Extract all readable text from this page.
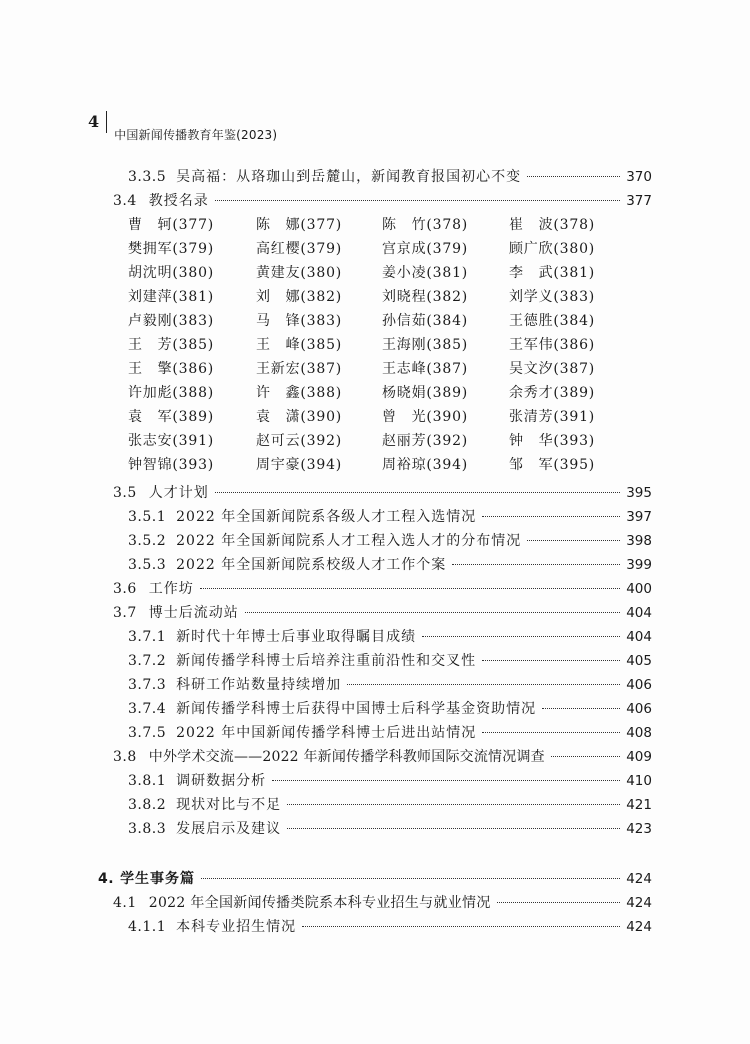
4
中国新闻传播教育年鉴(2023)
3.3.5 吴高福：从珞珈山到岳麓山，新闻教育报国初心不变	370
3.4 教授名录	377
曹　轲(377)	陈　娜(377)	陈　竹(378)	崔　波(378)
樊拥军(379)	高红樱(379)	宫京成(379)	顾广欣(380)
胡沈明(380)	黄建友(380)	姜小凌(381)	李　武(381)
刘建萍(381)	刘　娜(382)	刘晓程(382)	刘学义(383)
卢毅刚(383)	马　锋(383)	孙信茹(384)	王德胜(384)
王　芳(385)	王　峰(385)	王海刚(385)	王军伟(386)
王　擎(386)	王新宏(387)	王志峰(387)	吴文汐(387)
许加彪(388)	许　鑫(388)	杨晓娟(389)	余秀才(389)
袁　军(389)	袁　潇(390)	曾　光(390)	张清芳(391)
张志安(391)	赵可云(392)	赵丽芳(392)	钟　华(393)
钟智锦(393)	周宇豪(394)	周裕琼(394)	邹　军(395)
3.5 人才计划	395
3.5.1 2022 年全国新闻院系各级人才工程入选情况	397
3.5.2 2022 年全国新闻院系人才工程入选人才的分布情况	398
3.5.3 2022 年全国新闻院系校级人才工作个案	399
3.6 工作坊	400
3.7 博士后流动站	404
3.7.1 新时代十年博士后事业取得瞩目成绩	404
3.7.2 新闻传播学科博士后培养注重前沿性和交叉性	405
3.7.3 科研工作站数量持续增加	406
3.7.4 新闻传播学科博士后获得中国博士后科学基金资助情况	406
3.7.5 2022 年中国新闻传播学科博士后进出站情况	408
3.8 中外学术交流——2022 年新闻传播学科教师国际交流情况调查	409
3.8.1 调研数据分析	410
3.8.2 现状对比与不足	421
3.8.3 发展启示及建议	423
4. 学生事务篇	424
4.1 2022 年全国新闻传播类院系本科专业招生与就业情况	424
4.1.1 本科专业招生情况	424
